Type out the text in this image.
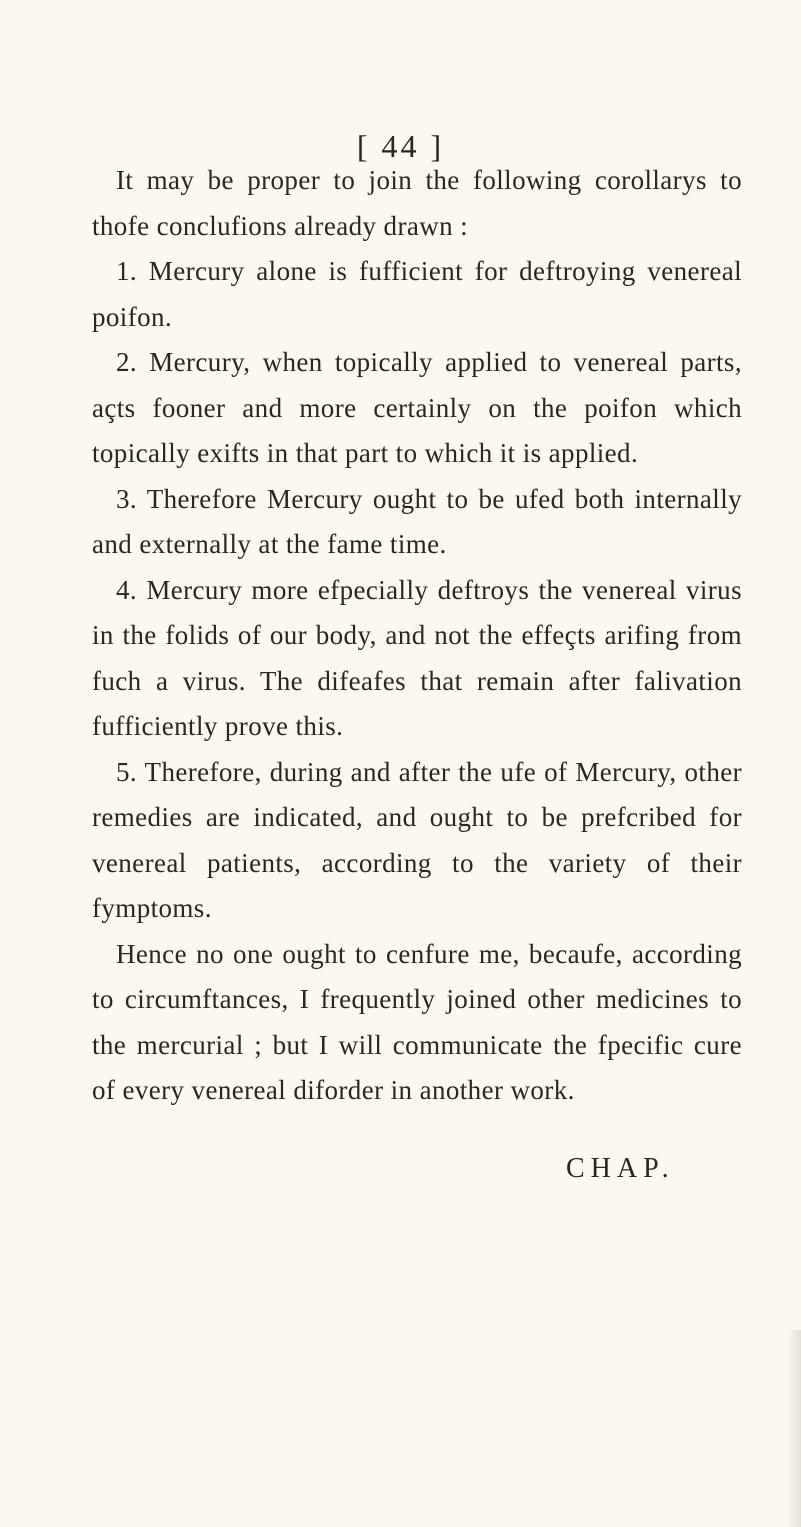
[ 44 ]

It may be proper to join the following corollarys to thofe conclufions already drawn :

1. Mercury alone is fufficient for deftroying venereal poifon.

2. Mercury, when topically applied to venereal parts, açts fooner and more certainly on the poifon which topically exifts in that part to which it is applied.

3. Therefore Mercury ought to be ufed both internally and externally at the fame time.

4. Mercury more efpecially deftroys the venereal virus in the folids of our body, and not the effeçts arifing from fuch a virus. The difeafes that remain after falivation fufficiently prove this.

5. Therefore, during and after the ufe of Mercury, other remedies are indicated, and ought to be prefcribed for venereal patients, according to the variety of their fymptoms.

Hence no one ought to cenfure me, becaufe, according to circumftances, I frequently joined other medicines to the mercurial ; but I will communicate the fpecific cure of every venereal diforder in another work.

CHAP.
